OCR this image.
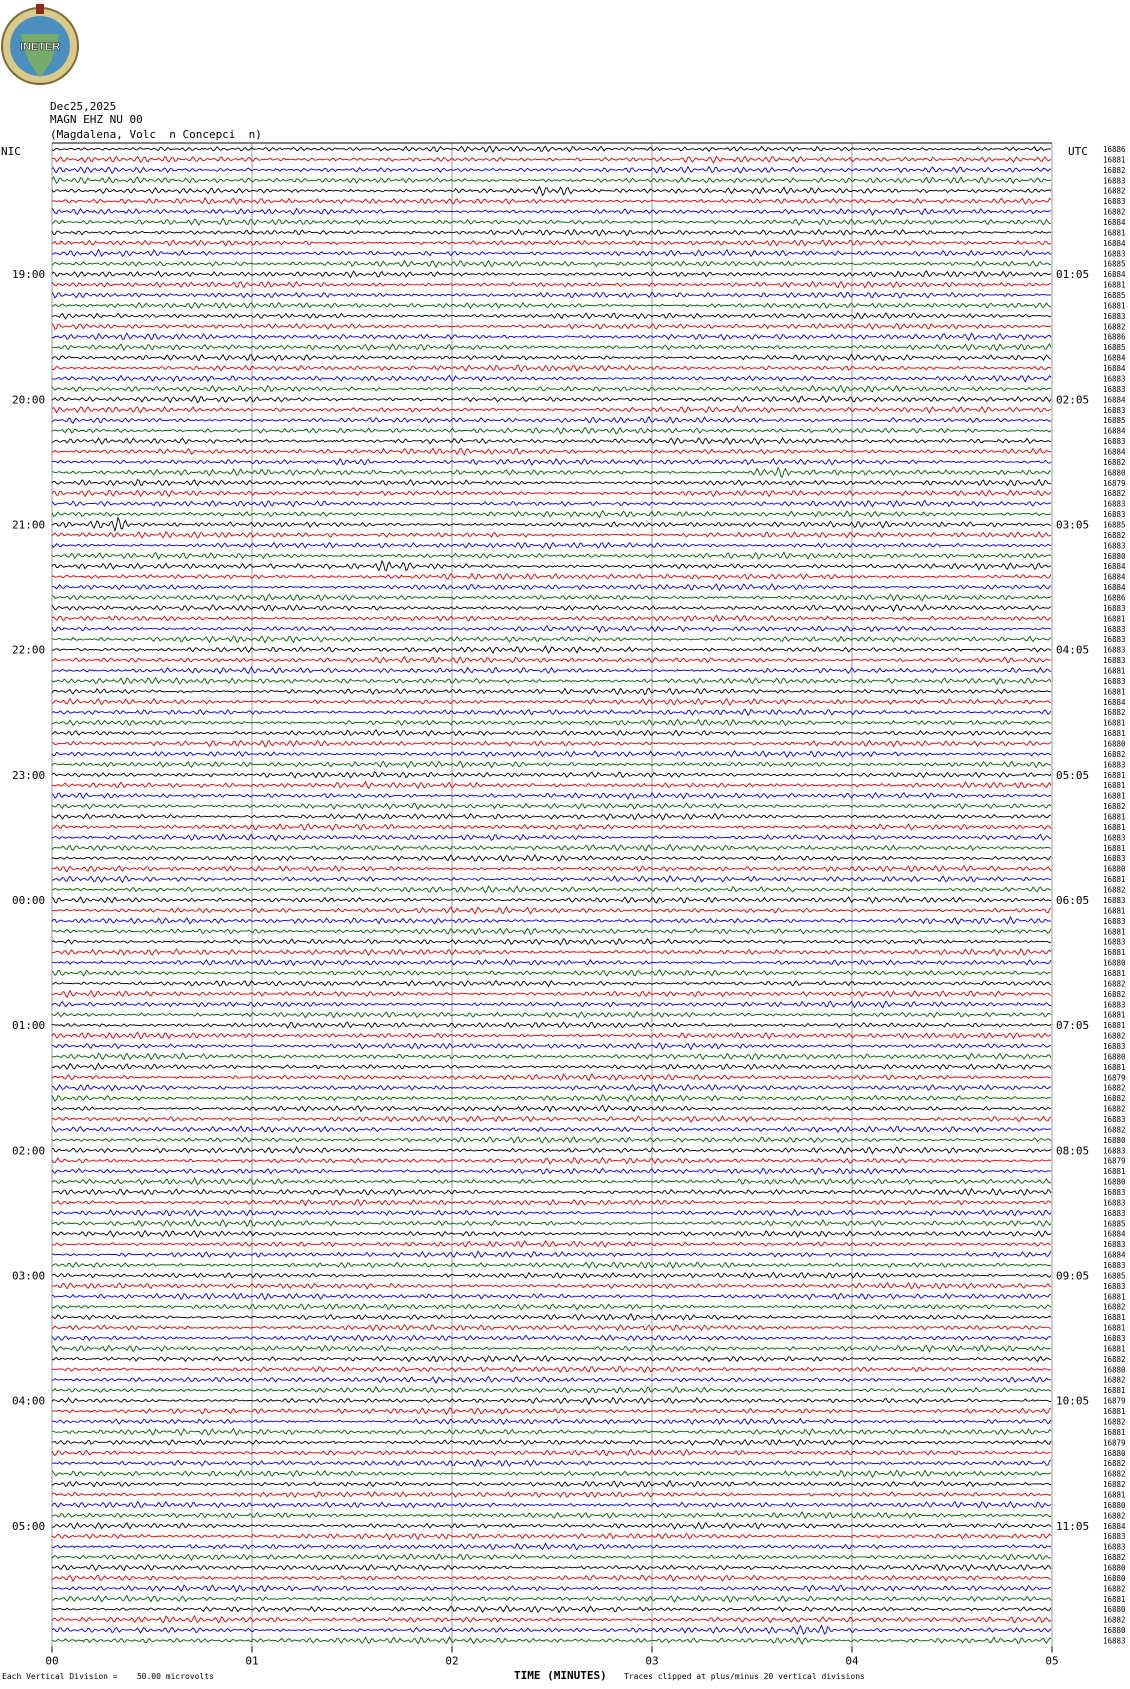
00	01	02	03	04	05
16886
16881
16882
16883
16882
16883
16882
16884
16881
16884
16883
16885
16884
16881
16885
16881
16883
16882
16886
16885
16884
16884
16883
16883
16884
16883
16885
16884
16883
16884
16882
16880
16879
16882
16883
16883
16885
16882
16883
16880
16884
16884
16884
16886
16883
16881
16883
16883
16883
16883
16881
16883
16881
16884
16882
16881
16881
16880
16882
16883
16881
16881
16881
16882
16881
16881
16883
16881
16883
16880
16881
16882
16883
16881
16883
16881
16883
16881
16880
16881
16882
16882
16883
16881
16881
16882
16883
16880
16881
16879
16882
16882
16882
16883
16882
16880
16883
16879
16881
16880
16883
16883
16883
16885
16884
16883
16884
16883
16885
16883
16881
16882
16881
16881
16883
16881
16882
16880
16882
16881
16879
16881
16882
16881
16879
16880
16882
16882
16882
16881
16880
16882
16884
16883
16883
16882
16880
16880
16882
16881
16880
16882
16880
16883
19:00	01:05
20:00	02:05
21:00	03:05
22:00	04:05
23:00	05:05
00:00	06:05
01:00	07:05
02:00	08:05
03:00	09:05
04:00	10:05
05:00	11:05
INETER
Dec25,2025
MAGN EHZ NU 00
(Magdalena, Volc  n Concepci  n)
NIC	UTC
Each Vertical Division =    50.00 microvolts	TIME (MINUTES) Traces clipped at plus/minus 20 vertical divisions
